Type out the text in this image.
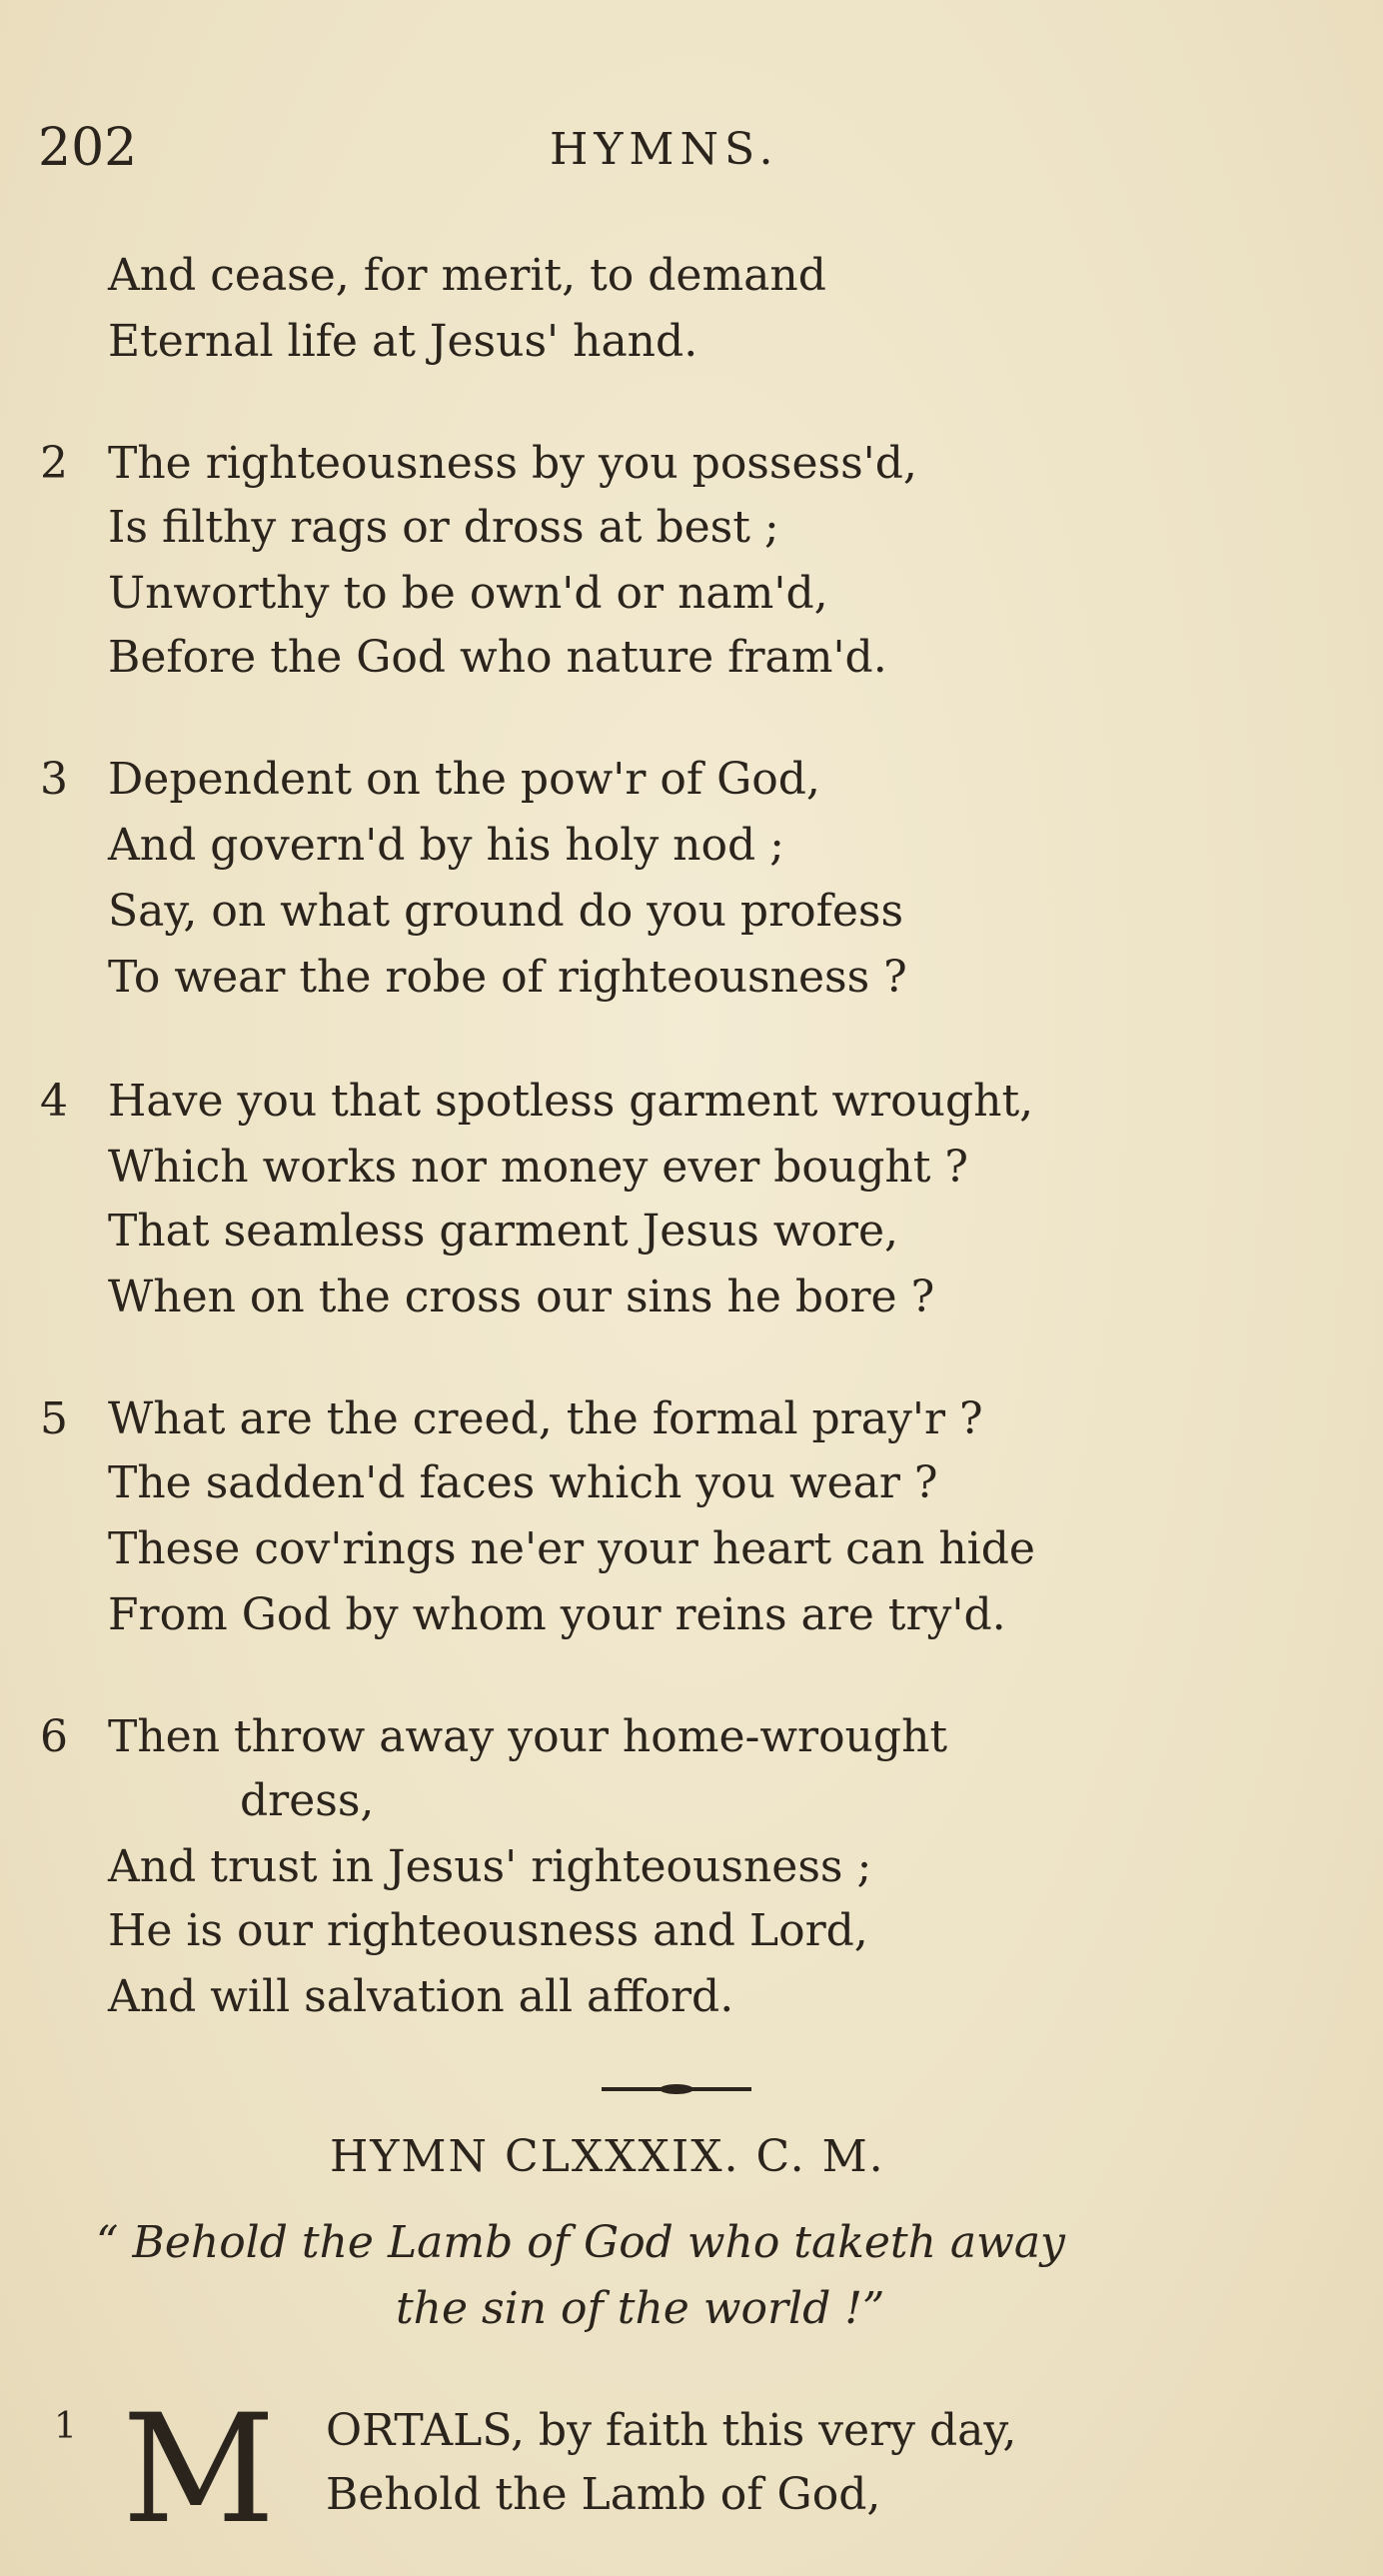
202	HYMNS.
And cease, for merit, to demand
Eternal life at Jesus' hand.
2 The righteousness by you possess'd,
Is filthy rags or dross at best ;
Unworthy to be own'd or nam'd,
Before the God who nature fram'd.
3 Dependent on the pow'r of God,
And govern'd by his holy nod ;
Say, on what ground do you profess
To wear the robe of righteousness ?
4 Have you that spotless garment wrought,
Which works nor money ever bought ?
That seamless garment Jesus wore,
When on the cross our sins he bore ?
5 What are the creed, the formal pray'r ?
The sadden'd faces which you wear ?
These cov'rings ne'er your heart can hide
From God by whom your reins are try'd.
6 Then throw away your home-wrought
dress,
And trust in Jesus' righteousness ;
He is our righteousness and Lord,
And will salvation all afford.
HYMN CLXXXIX. C. M.
“ Behold the Lamb of God who taketh away
the sin of the world !”
1 M ORTALS, by faith this very day,
Behold the Lamb of God,
